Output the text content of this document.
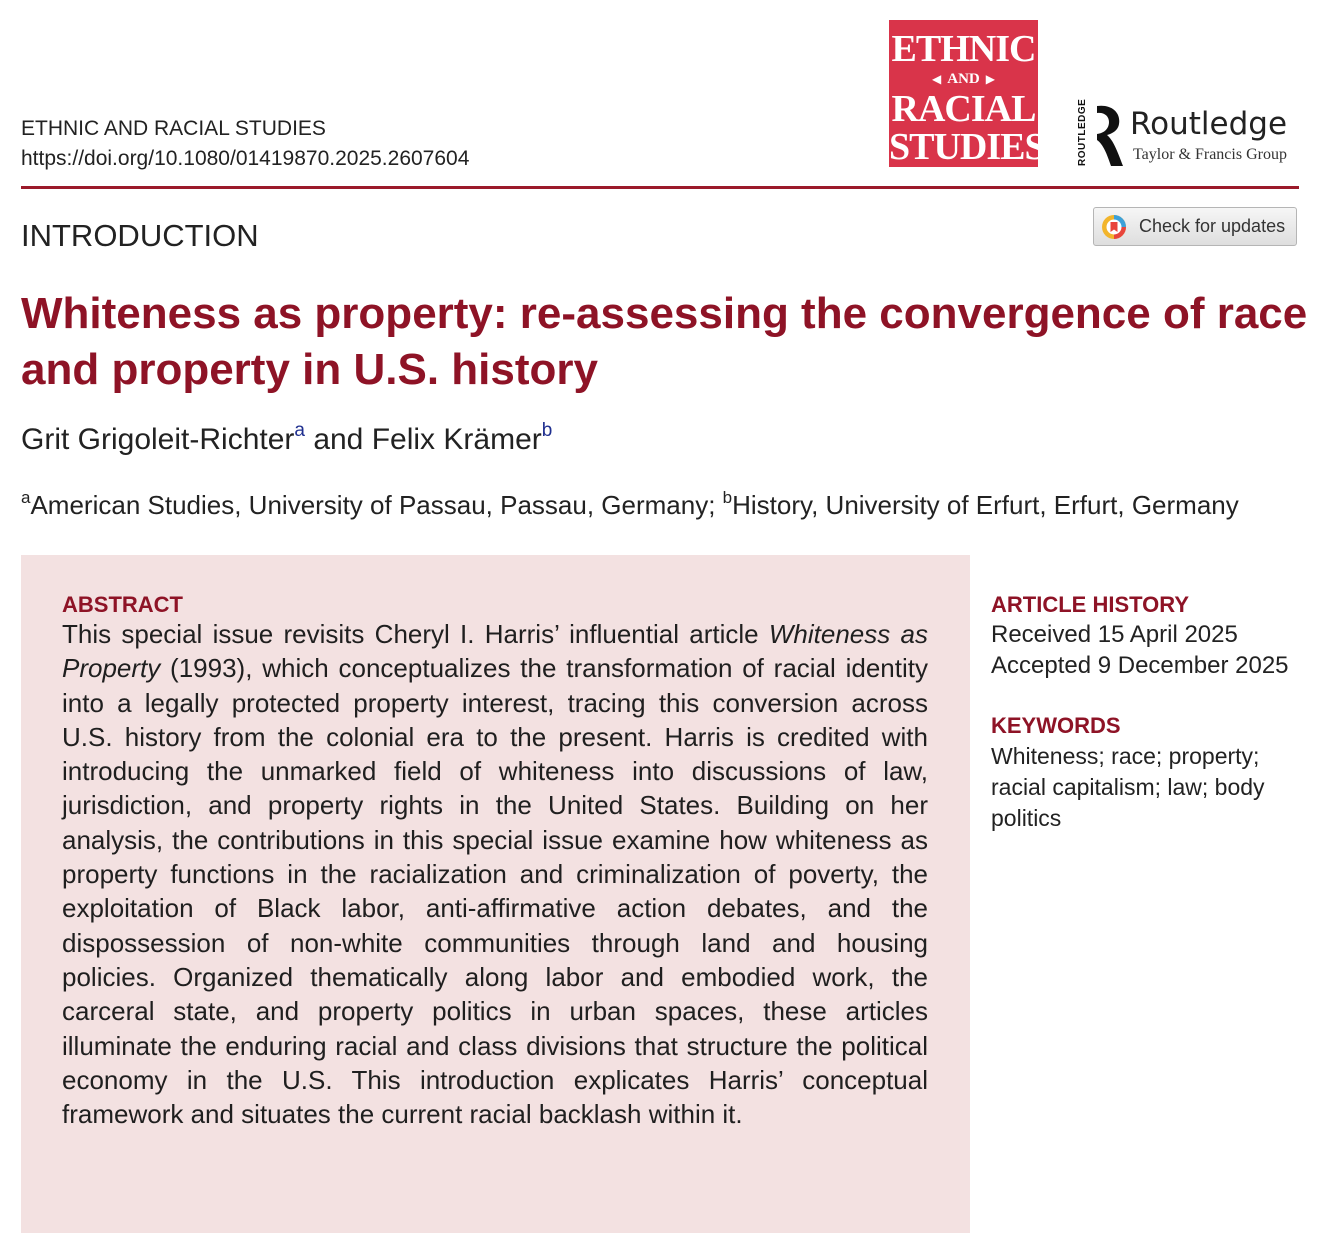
ETHNIC AND RACIAL STUDIES
https://doi.org/10.1080/01419870.2025.2607604
ETHNIC
◀ AND ▶
RACIAL
STUDIES	ROUTLEDGE Routledge
Taylor & Francis Group
INTRODUCTION	Check for updates
Whiteness as property: re-assessing the convergence of race and property in U.S. history
Grit Grigoleit-Richter$^a$ and Felix Krämer$^b$
$^a$American Studies, University of Passau, Passau, Germany; $^b$History, University of Erfurt, Erfurt, Germany
ABSTRACT
This special issue revisits Cheryl I. Harris’ influential article Whiteness as Property (1993), which conceptualizes the transformation of racial identity into a legally protected property interest, tracing this conversion across U.S. history from the colonial era to the present. Harris is credited with introducing the unmarked field of whiteness into discussions of law, jurisdiction, and property rights in the United States. Building on her analysis, the contributions in this special issue examine how whiteness as property functions in the racialization and criminalization of poverty, the exploitation of Black labor, anti-affirmative action debates, and the dispossession of non-white communities through land and housing policies. Organized thematically along labor and embodied work, the carceral state, and property politics in urban spaces, these articles illuminate the enduring racial and class divisions that structure the political economy in the U.S. This introduction explicates Harris’ conceptual framework and situates the current racial backlash within it.
ARTICLE HISTORY
Received 15 April 2025
Accepted 9 December 2025
KEYWORDS
Whiteness; race; property; racial capitalism; law; body politics
